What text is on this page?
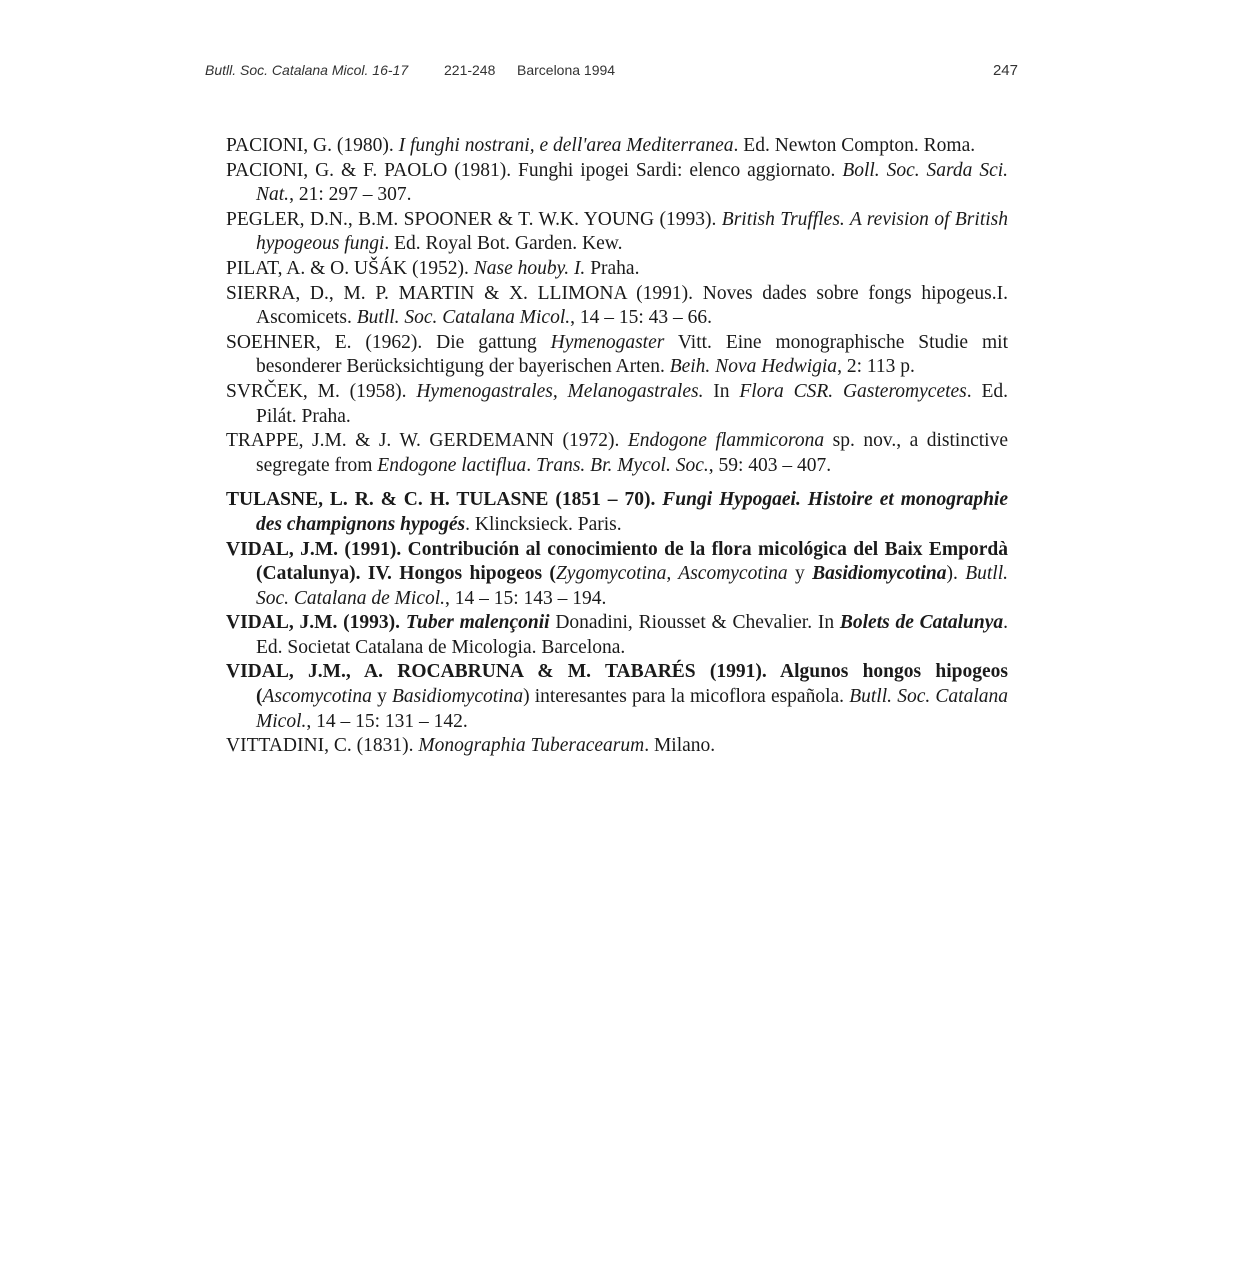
Butll. Soc. Catalana Micol. 16-17	221-248 Barcelona 1994	247

PACIONI, G. (1980). I funghi nostrani, e dell'area Mediterranea. Ed. Newton Compton. Roma.

PACIONI, G. & F. PAOLO (1981). Funghi ipogei Sardi: elenco aggiornato. Boll. Soc. Sarda Sci. Nat., 21: 297 – 307.

PEGLER, D.N., B.M. SPOONER & T. W.K. YOUNG (1993). British Truffles. A revision of British hypogeous fungi. Ed. Royal Bot. Garden. Kew.

PILAT, A. & O. UŠÁK (1952). Nase houby. I. Praha.

SIERRA, D., M. P. MARTIN & X. LLIMONA (1991). Noves dades sobre fongs hipogeus.I. Ascomicets. Butll. Soc. Catalana Micol., 14 – 15: 43 – 66.

SOEHNER, E. (1962). Die gattung Hymenogaster Vitt. Eine monographische Studie mit besonderer Berücksichtigung der bayerischen Arten. Beih. Nova Hedwigia, 2: 113 p.

SVRČEK, M. (1958). Hymenogastrales, Melanogastrales. In Flora CSR. Gasteromycetes. Ed. Pilát. Praha.

TRAPPE, J.M. & J. W. GERDEMANN (1972). Endogone flammicorona sp. nov., a distinctive segregate from Endogone lactiflua. Trans. Br. Mycol. Soc., 59: 403 – 407.

TULASNE, L. R. & C. H. TULASNE (1851 – 70). Fungi Hypogaei. Histoire et monographie des champignons hypogés. Klincksieck. Paris.

VIDAL, J.M. (1991). Contribución al conocimiento de la flora micológica del Baix Empordà (Catalunya). IV. Hongos hipogeos (Zygomycotina, Ascomycotina y Basidiomycotina). Butll. Soc. Catalana de Micol., 14 – 15: 143 – 194.

VIDAL, J.M. (1993). Tuber malençonii Donadini, Riousset & Chevalier. In Bolets de Catalunya. Ed. Societat Catalana de Micologia. Barcelona.

VIDAL, J.M., A. ROCABRUNA & M. TABARÉS (1991). Algunos hongos hipogeos (Ascomycotina y Basidiomycotina) interesantes para la micoflora española. Butll. Soc. Catalana Micol., 14 – 15: 131 – 142.

VITTADINI, C. (1831). Monographia Tuberacearum. Milano.
